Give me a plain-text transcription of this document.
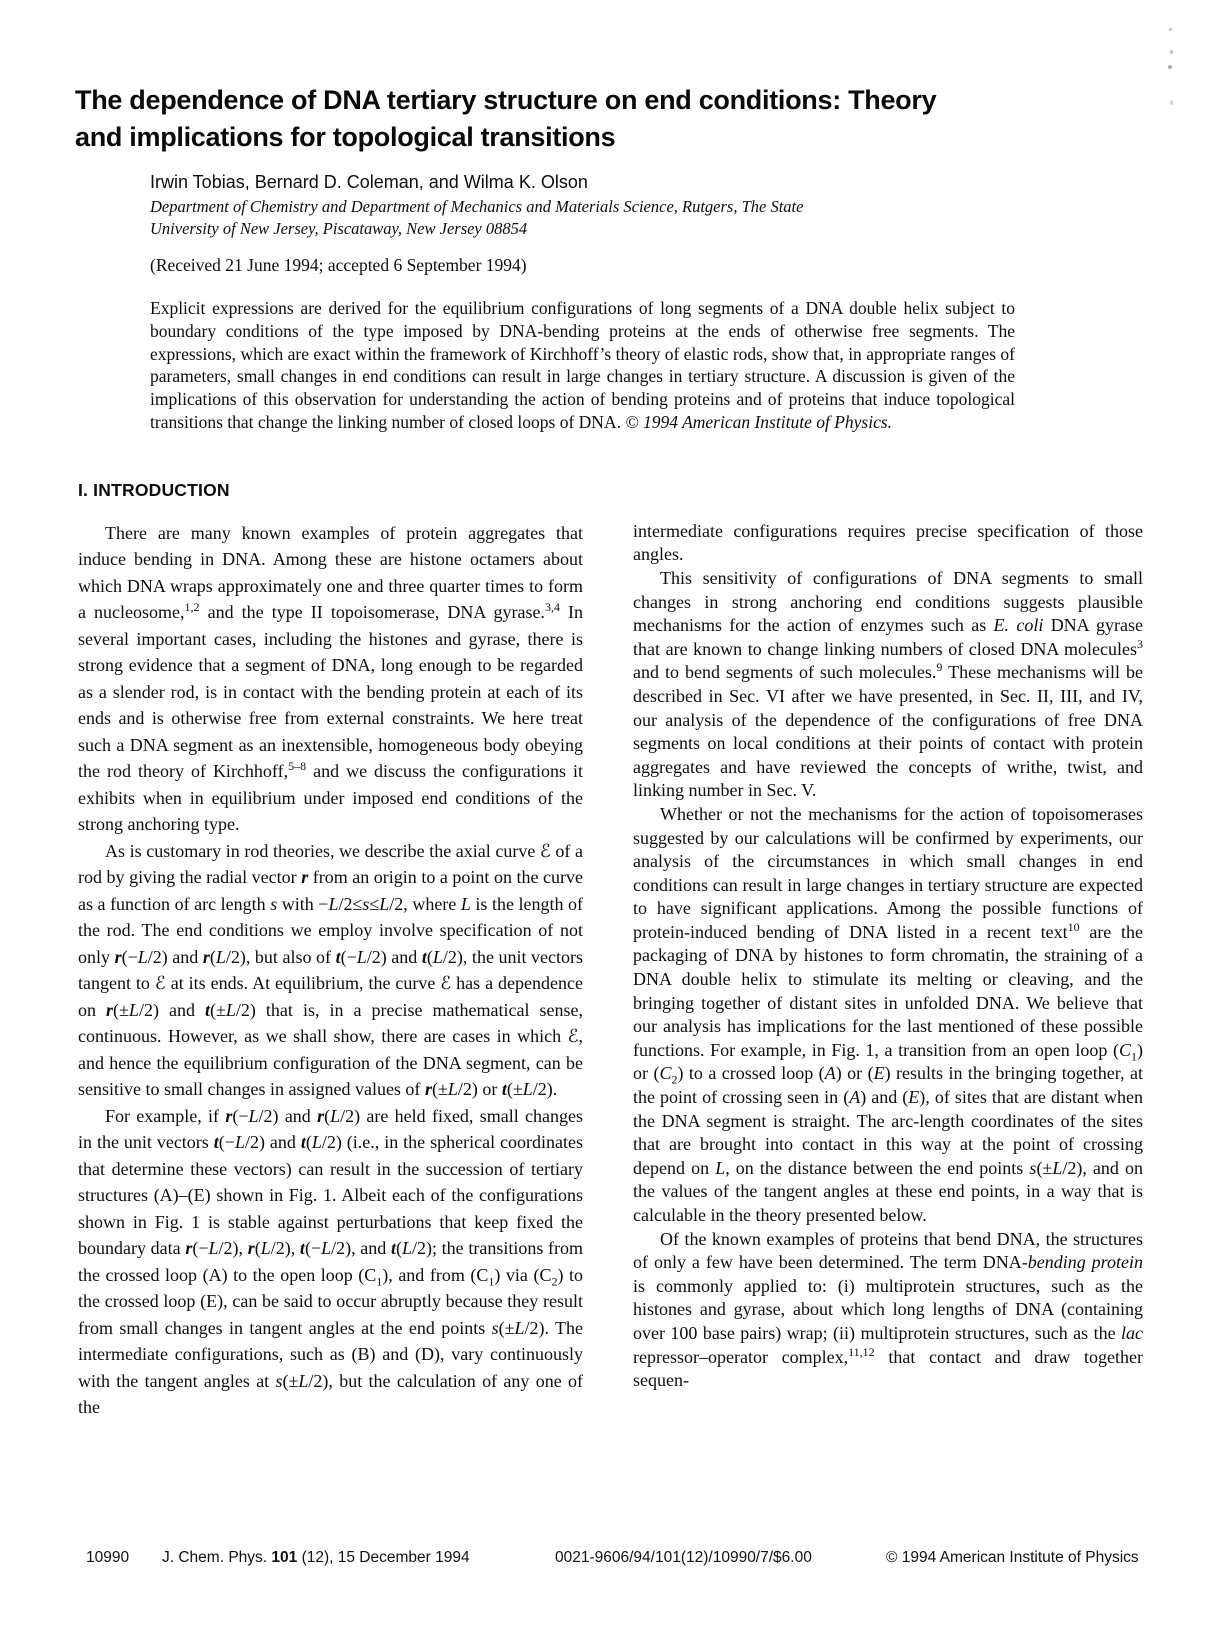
The dependence of DNA tertiary structure on end conditions: Theory
and implications for topological transitions
Irwin Tobias, Bernard D. Coleman, and Wilma K. Olson
Department of Chemistry and Department of Mechanics and Materials Science, Rutgers, The State
University of New Jersey, Piscataway, New Jersey 08854
(Received 21 June 1994; accepted 6 September 1994)

Explicit expressions are derived for the equilibrium configurations of long segments of a DNA double helix subject to boundary conditions of the type imposed by DNA-bending proteins at the ends of otherwise free segments. The expressions, which are exact within the framework of Kirchhoff’s theory of elastic rods, show that, in appropriate ranges of parameters, small changes in end conditions can result in large changes in tertiary structure. A discussion is given of the implications of this observation for understanding the action of bending proteins and of proteins that induce topological transitions that change the linking number of closed loops of DNA. © 1994 American Institute of Physics.

I. INTRODUCTION

There are many known examples of protein aggregates that induce bending in DNA. Among these are histone octamers about which DNA wraps approximately one and three quarter times to form a nucleosome,$^{1,2}$ and the type II topoisomerase, DNA gyrase.$^{3,4}$ In several important cases, including the histones and gyrase, there is strong evidence that a segment of DNA, long enough to be regarded as a slender rod, is in contact with the bending protein at each of its ends and is otherwise free from external constraints. We here treat such a DNA segment as an inextensible, homogeneous body obeying the rod theory of Kirchhoff,$^{5-8}$ and we discuss the configurations it exhibits when in equilibrium under imposed end conditions of the strong anchoring type.

As is customary in rod theories, we describe the axial curve ℰ of a rod by giving the radial vector r from an origin to a point on the curve as a function of arc length s with −L/2≤s≤L/2, where L is the length of the rod. The end conditions we employ involve specification of not only r(−L/2) and r(L/2), but also of t(−L/2) and t(L/2), the unit vectors tangent to ℰ at its ends. At equilibrium, the curve ℰ has a dependence on r(±L/2) and t(±L/2) that is, in a precise mathematical sense, continuous. However, as we shall show, there are cases in which ℰ, and hence the equilibrium configuration of the DNA segment, can be sensitive to small changes in assigned values of r(±L/2) or t(±L/2).

For example, if r(−L/2) and r(L/2) are held fixed, small changes in the unit vectors t(−L/2) and t(L/2) (i.e., in the spherical coordinates that determine these vectors) can result in the succession of tertiary structures (A)–(E) shown in Fig. 1. Albeit each of the configurations shown in Fig. 1 is stable against perturbations that keep fixed the boundary data r(−L/2), r(L/2), t(−L/2), and t(L/2); the transitions from the crossed loop (A) to the open loop $(C_1)$, and from $(C_1)$ via $(C_2)$ to the crossed loop (E), can be said to occur abruptly because they result from small changes in tangent angles at the end points s(±L/2). The intermediate configurations, such as (B) and (D), vary continuously with the tangent angles at s(±L/2), but the calculation of any one of the

intermediate configurations requires precise specification of those angles.

This sensitivity of configurations of DNA segments to small changes in strong anchoring end conditions suggests plausible mechanisms for the action of enzymes such as E. coli DNA gyrase that are known to change linking numbers of closed DNA molecules$^3$ and to bend segments of such molecules.$^9$ These mechanisms will be described in Sec. VI after we have presented, in Sec. II, III, and IV, our analysis of the dependence of the configurations of free DNA segments on local conditions at their points of contact with protein aggregates and have reviewed the concepts of writhe, twist, and linking number in Sec. V.

Whether or not the mechanisms for the action of topoisomerases suggested by our calculations will be confirmed by experiments, our analysis of the circumstances in which small changes in end conditions can result in large changes in tertiary structure are expected to have significant applications. Among the possible functions of protein-induced bending of DNA listed in a recent text$^{10}$ are the packaging of DNA by histones to form chromatin, the straining of a DNA double helix to stimulate its melting or cleaving, and the bringing together of distant sites in unfolded DNA. We believe that our analysis has implications for the last mentioned of these possible functions. For example, in Fig. 1, a transition from an open loop $(C_1)$ or $(C_2)$ to a crossed loop (A) or (E) results in the bringing together, at the point of crossing seen in (A) and (E), of sites that are distant when the DNA segment is straight. The arc-length coordinates of the sites that are brought into contact in this way at the point of crossing depend on L, on the distance between the end points s(±L/2), and on the values of the tangent angles at these end points, in a way that is calculable in the theory presented below.

Of the known examples of proteins that bend DNA, the structures of only a few have been determined. The term DNA-bending protein is commonly applied to: (i) multiprotein structures, such as the histones and gyrase, about which long lengths of DNA (containing over 100 base pairs) wrap; (ii) multiprotein structures, such as the lac repressor–operator complex,$^{11,12}$ that contact and draw together sequen-

10990 J. Chem. Phys. 101 (12), 15 December 1994	0021-9606/94/101(12)/10990/7/$6.00	© 1994 American Institute of Physics
